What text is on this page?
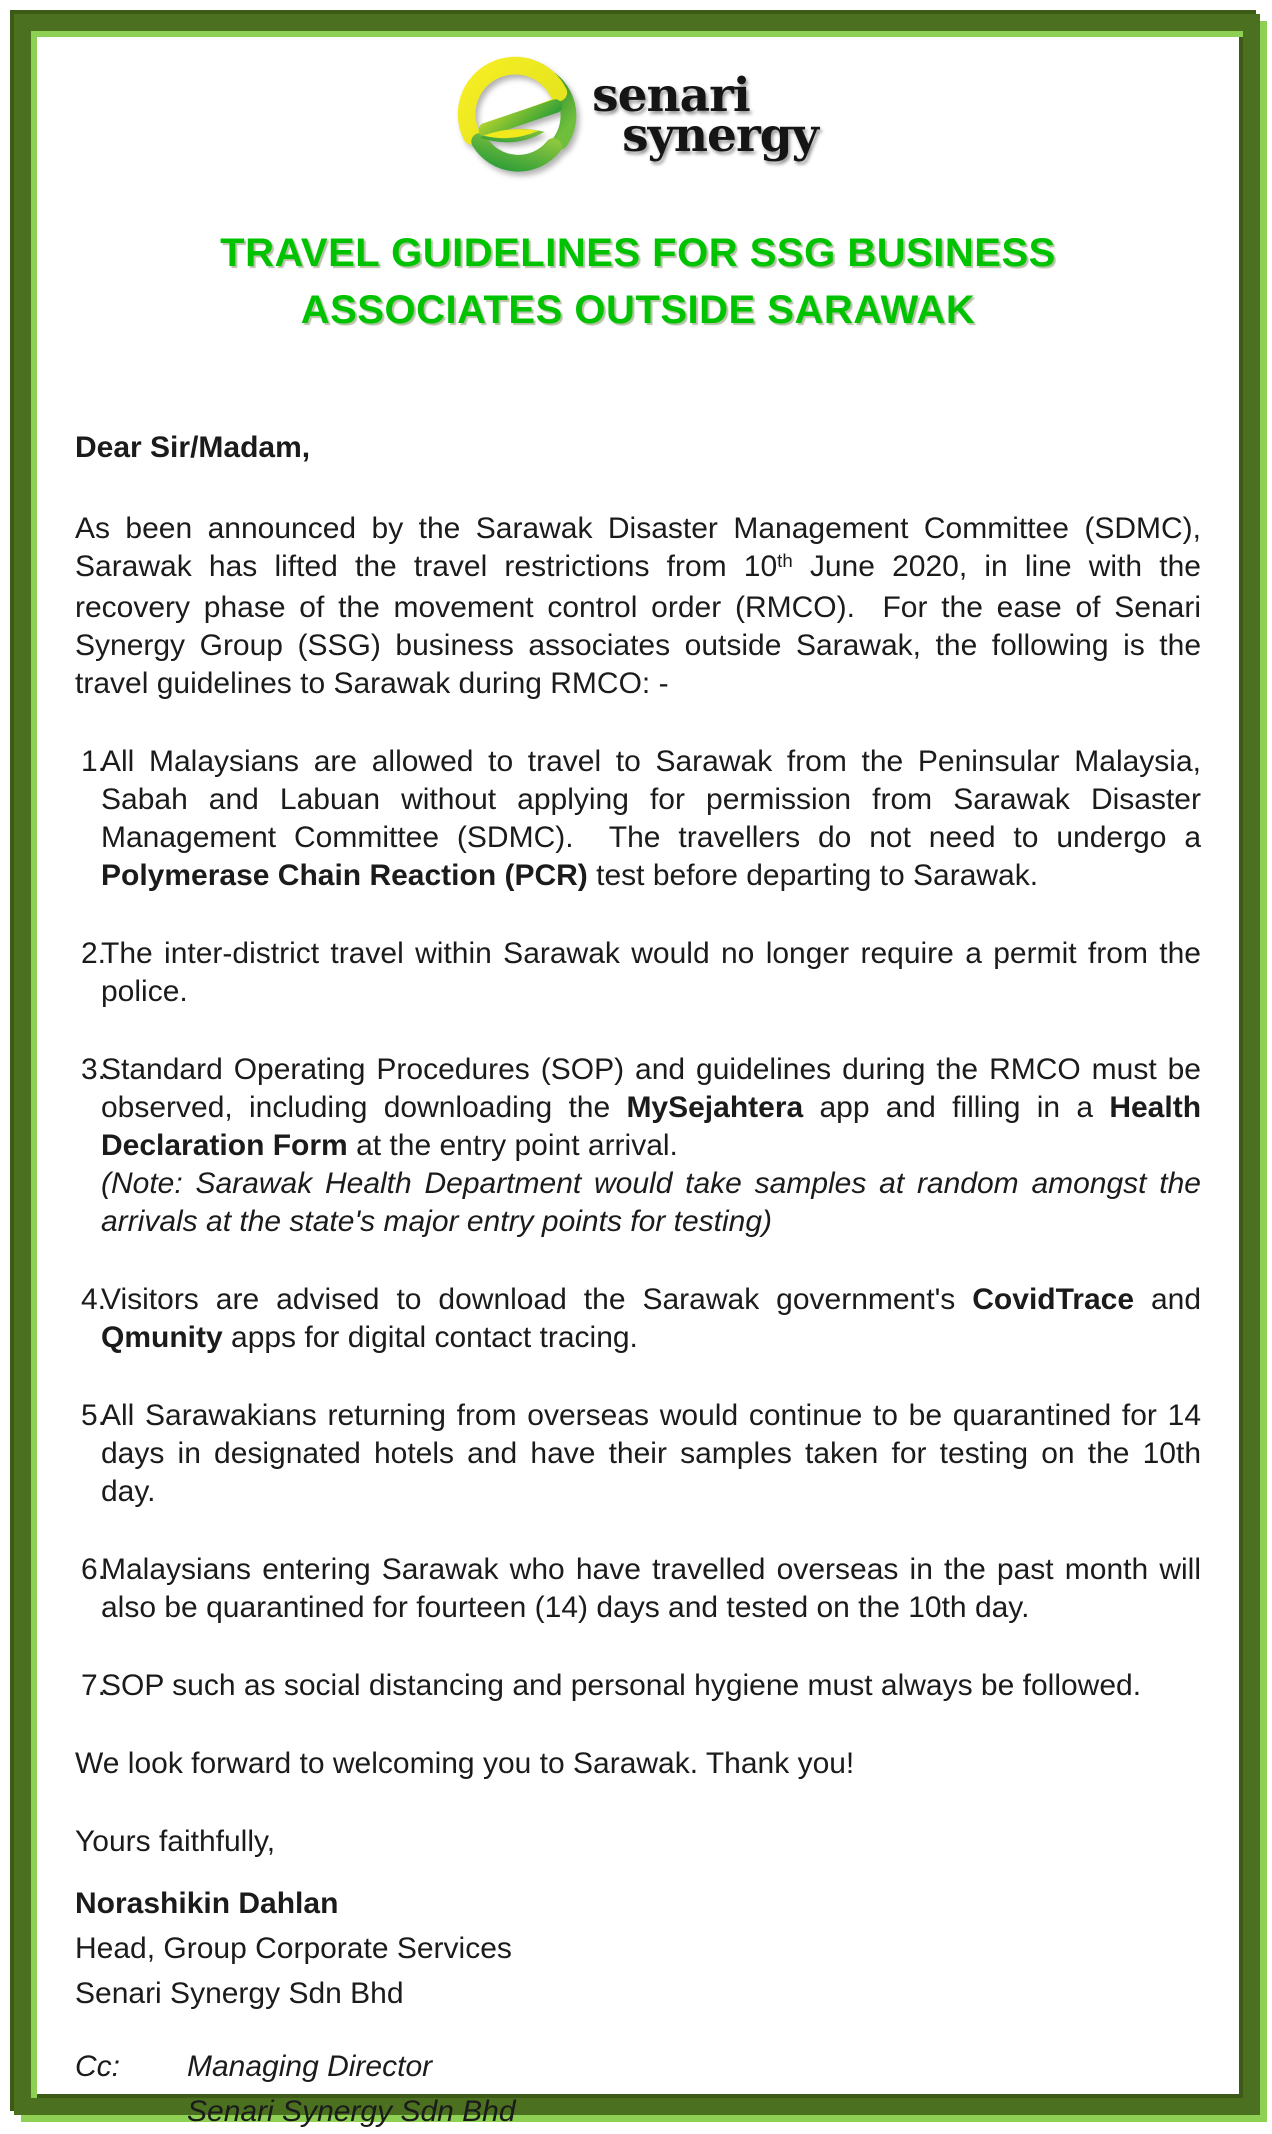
senari
synergy
TRAVEL GUIDELINES FOR SSG BUSINESS
ASSOCIATES OUTSIDE SARAWAK
Dear Sir/Madam,
As been announced by the Sarawak Disaster Management Committee (SDMC), Sarawak has lifted the travel restrictions from 10th June 2020, in line with the recovery phase of the movement control order (RMCO).  For the ease of Senari Synergy Group (SSG) business associates outside Sarawak, the following is the travel guidelines to Sarawak during RMCO: -
1.
All Malaysians are allowed to travel to Sarawak from the Peninsular Malaysia, Sabah and Labuan without applying for permission from Sarawak Disaster Management Committee (SDMC).  The travellers do not need to undergo a Polymerase Chain Reaction (PCR) test before departing to Sarawak.
2.
The inter-district travel within Sarawak would no longer require a permit from the police.
3.
Standard Operating Procedures (SOP) and guidelines during the RMCO must be observed, including downloading the MySejahtera app and filling in a Health Declaration Form at the entry point arrival.
(Note: Sarawak Health Department would take samples at random amongst the arrivals at the state's major entry points for testing)
4.
Visitors are advised to download the Sarawak government's CovidTrace and Qmunity apps for digital contact tracing.
5.
All Sarawakians returning from overseas would continue to be quarantined for 14 days in designated hotels and have their samples taken for testing on the 10th day.
6.
Malaysians entering Sarawak who have travelled overseas in the past month will also be quarantined for fourteen (14) days and tested on the 10th day.
7.
SOP such as social distancing and personal hygiene must always be followed.
We look forward to welcoming you to Sarawak. Thank you!
Yours faithfully,
Norashikin Dahlan
Head, Group Corporate Services
Senari Synergy Sdn Bhd
Cc:	Managing Director
Senari Synergy Sdn Bhd
